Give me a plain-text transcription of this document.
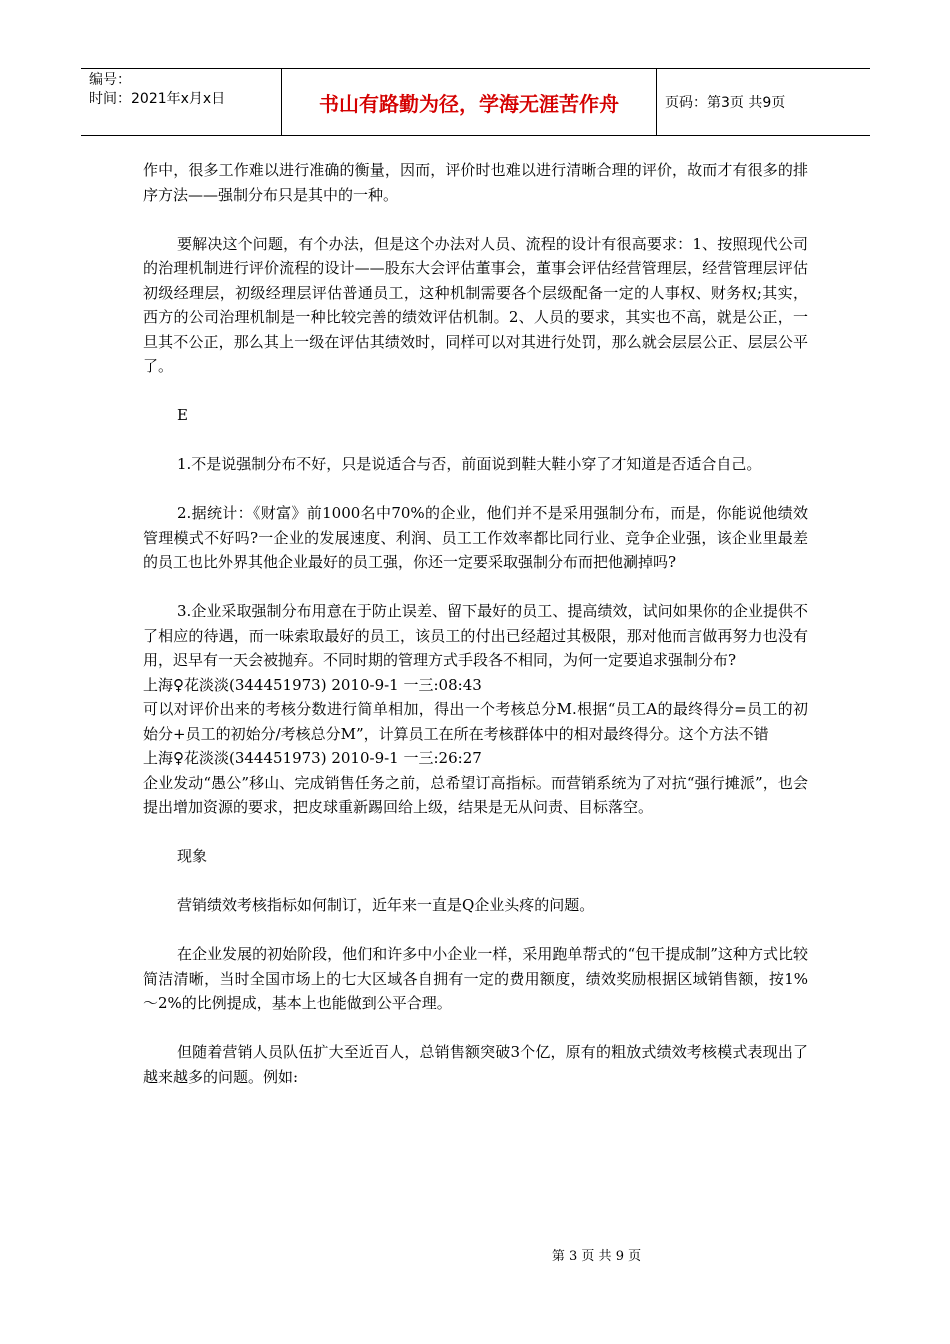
编号：
时间：2021年x月x日	书山有路勤为径，学海无涯苦作舟	页码：第3页 共9页

作中，很多工作难以进行准确的衡量，因而，评价时也难以进行清晰合理的评价，故而才有很多的排序方法——强制分布只是其中的一种。

要解决这个问题，有个办法，但是这个办法对人员、流程的设计有很高要求：1、按照现代公司的治理机制进行评价流程的设计——股东大会评估董事会，董事会评估经营管理层，经营管理层评估初级经理层，初级经理层评估普通员工，这种机制需要各个层级配备一定的人事权、财务权;其实，西方的公司治理机制是一种比较完善的绩效评估机制。2、人员的要求，其实也不高，就是公正，一旦其不公正，那么其上一级在评估其绩效时，同样可以对其进行处罚，那么就会层层公正、层层公平了。

E

1.不是说强制分布不好，只是说适合与否，前面说到鞋大鞋小穿了才知道是否适合自己。

2.据统计：《财富》前1000名中70%的企业，他们并不是采用强制分布，而是，你能说他绩效管理模式不好吗?一企业的发展速度、利润、员工工作效率都比同行业、竞争企业强，该企业里最差的员工也比外界其他企业最好的员工强，你还一定要采取强制分布而把他涮掉吗?

3.企业采取强制分布用意在于防止误差、留下最好的员工、提高绩效，试问如果你的企业提供不了相应的待遇，而一味索取最好的员工，该员工的付出已经超过其极限，那对他而言做再努力也没有用，迟早有一天会被抛弃。不同时期的管理方式手段各不相同，为何一定要追求强制分布?

上海♀花淡淡(344451973) 2010-9-1 一三:08:43

可以对评价出来的考核分数进行简单相加，得出一个考核总分M.根据“员工A的最终得分=员工的初始分+员工的初始分/考核总分M”，计算员工在所在考核群体中的相对最终得分。这个方法不错

上海♀花淡淡(344451973) 2010-9-1 一三:26:27

企业发动“愚公”移山、完成销售任务之前，总希望订高指标。而营销系统为了对抗“强行摊派”，也会提出增加资源的要求，把皮球重新踢回给上级，结果是无从问责、目标落空。

现象

营销绩效考核指标如何制订，近年来一直是Q企业头疼的问题。

在企业发展的初始阶段，他们和许多中小企业一样，采用跑单帮式的“包干提成制”这种方式比较简洁清晰，当时全国市场上的七大区域各自拥有一定的费用额度，绩效奖励根据区域销售额，按1%～2%的比例提成，基本上也能做到公平合理。

但随着营销人员队伍扩大至近百人，总销售额突破3个亿，原有的粗放式绩效考核模式表现出了越来越多的问题。例如:

第 3 页 共 9 页
